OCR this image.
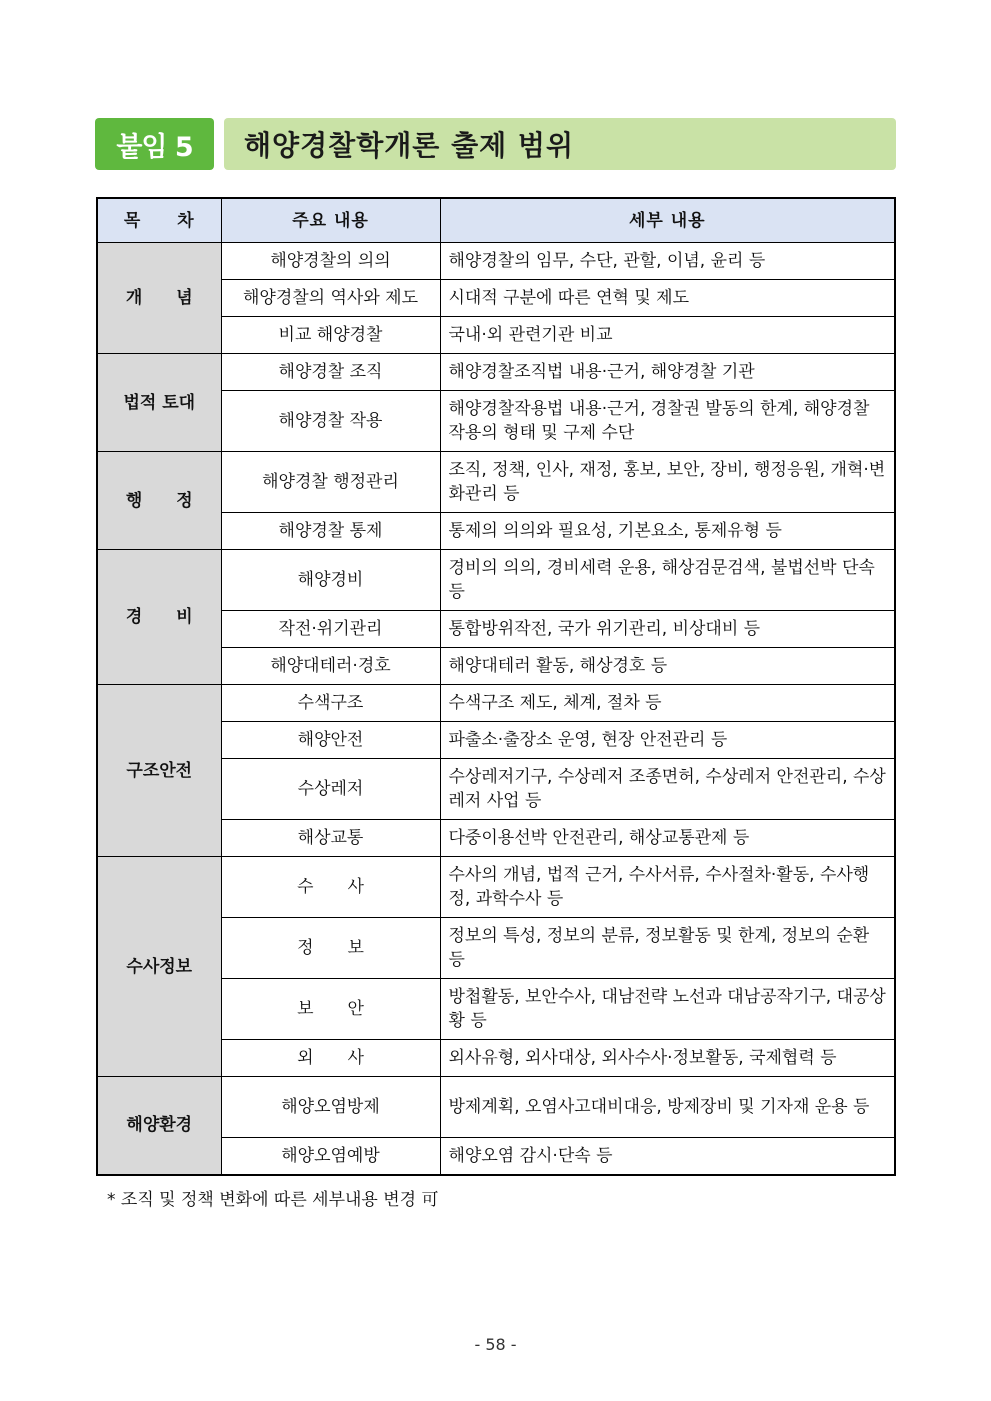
붙임 5	해양경찰학개론 출제 범위
목　　차	주요 내용	세부 내용
개　　념	해양경찰의 의의	해양경찰의 임무, 수단, 관할, 이념, 윤리 등
	해양경찰의 역사와 제도	시대적 구분에 따른 연혁 및 제도
	비교 해양경찰	국내·외 관련기관 비교
법적 토대	해양경찰 조직	해양경찰조직법 내용·근거, 해양경찰 기관
	해양경찰 작용	해양경찰작용법 내용·근거, 경찰권 발동의 한계, 해양경찰 작용의 형태 및 구제 수단
행　　정	해양경찰 행정관리	조직, 정책, 인사, 재정, 홍보, 보안, 장비, 행정응원, 개혁·변화관리 등
	해양경찰 통제	통제의 의의와 필요성, 기본요소, 통제유형 등
경　　비	해양경비	경비의 의의, 경비세력 운용, 해상검문검색, 불법선박 단속 등
	작전·위기관리	통합방위작전, 국가 위기관리, 비상대비 등
	해양대테러·경호	해양대테러 활동, 해상경호 등
구조안전	수색구조	수색구조 제도, 체계, 절차 등
	해양안전	파출소·출장소 운영, 현장 안전관리 등
	수상레저	수상레저기구, 수상레저 조종면허, 수상레저 안전관리, 수상레저 사업 등
	해상교통	다중이용선박 안전관리, 해상교통관제 등
수사정보	수　　사	수사의 개념, 법적 근거, 수사서류, 수사절차·활동, 수사행정, 과학수사 등
	정　　보	정보의 특성, 정보의 분류, 정보활동 및 한계, 정보의 순환 등
	보　　안	방첩활동, 보안수사, 대남전략 노선과 대남공작기구, 대공상황 등
	외　　사	외사유형, 외사대상, 외사수사·정보활동, 국제협력 등
해양환경	해양오염방제	방제계획, 오염사고대비대응, 방제장비 및 기자재 운용 등
	해양오염예방	해양오염 감시·단속 등
* 조직 및 정책 변화에 따른 세부내용 변경 可
- 58 -
